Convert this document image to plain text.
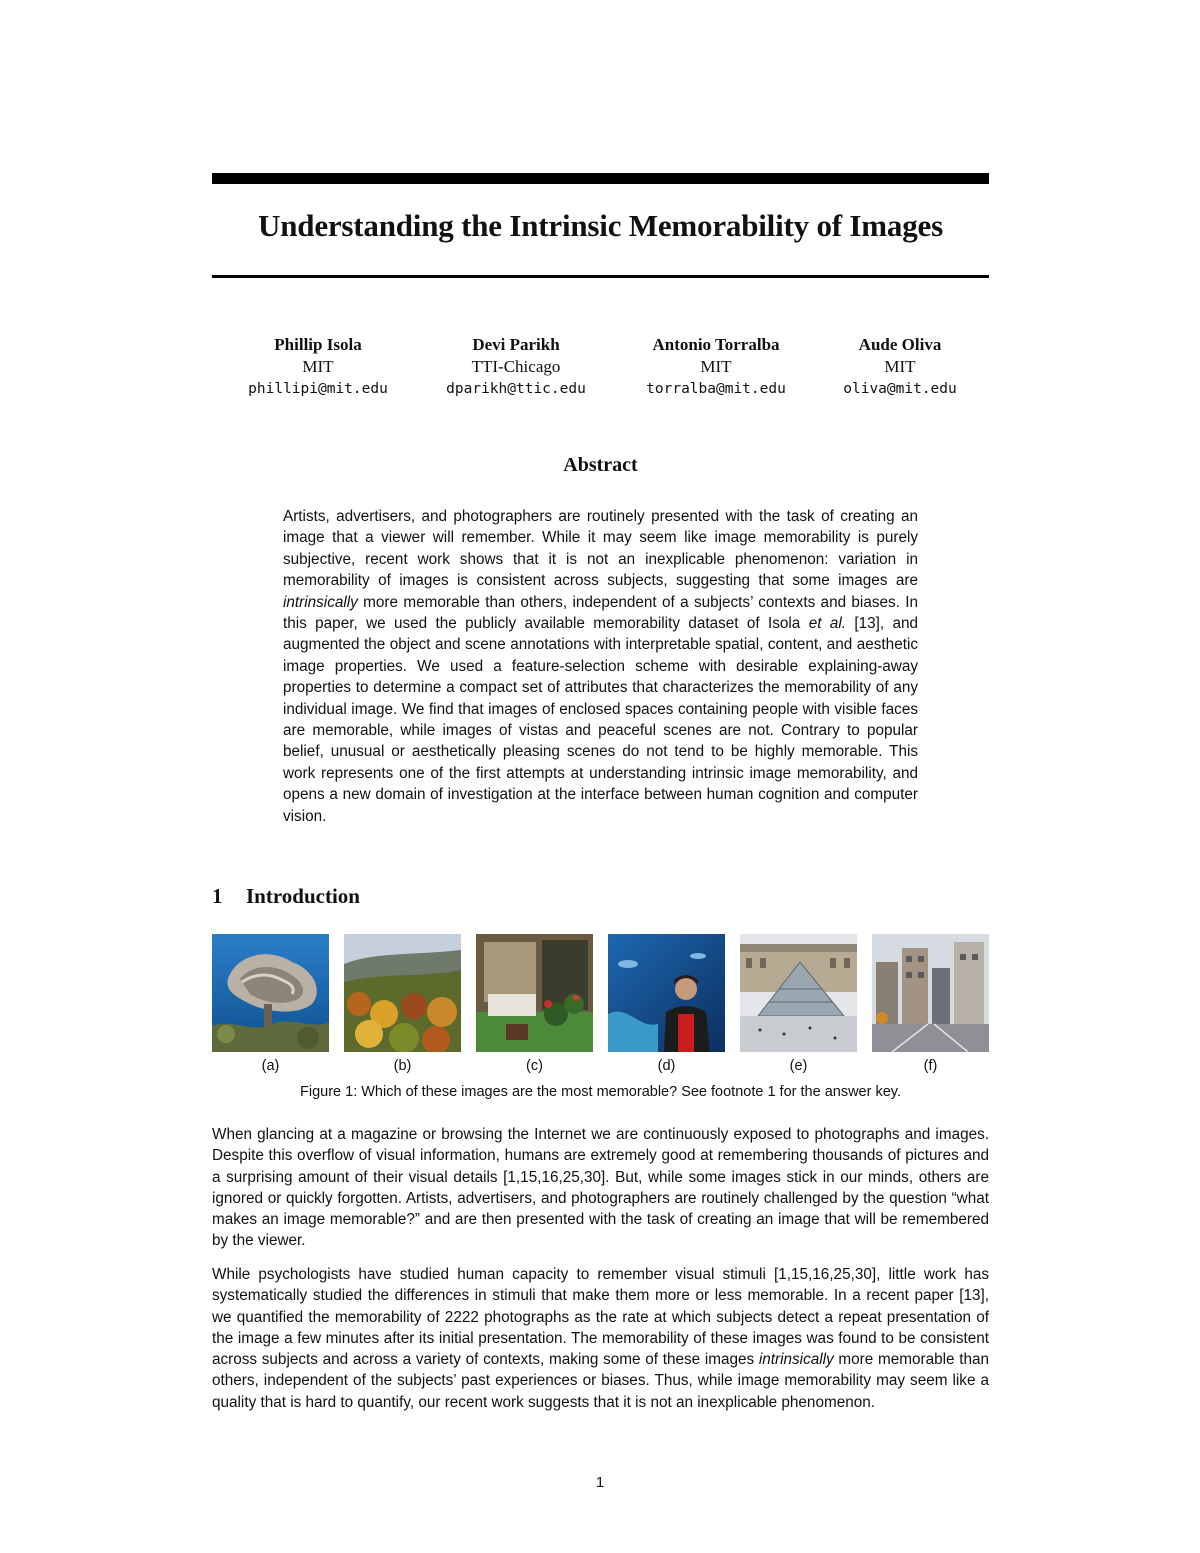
Understanding the Intrinsic Memorability of Images
Phillip Isola
MIT
phillipi@mit.edu
Devi Parikh
TTI-Chicago
dparikh@ttic.edu
Antonio Torralba
MIT
torralba@mit.edu
Aude Oliva
MIT
oliva@mit.edu
Abstract

Artists, advertisers, and photographers are routinely presented with the task of creating an image that a viewer will remember. While it may seem like image memorability is purely subjective, recent work shows that it is not an inexplicable phenomenon: variation in memorability of images is consistent across subjects, suggesting that some images are intrinsically more memorable than others, independent of a subjects’ contexts and biases. In this paper, we used the publicly available memorability dataset of Isola et al. [13], and augmented the object and scene annotations with interpretable spatial, content, and aesthetic image properties. We used a feature-selection scheme with desirable explaining-away properties to determine a compact set of attributes that characterizes the memorability of any individual image. We find that images of enclosed spaces containing people with visible faces are memorable, while images of vistas and peaceful scenes are not. Contrary to popular belief, unusual or aesthetically pleasing scenes do not tend to be highly memorable. This work represents one of the first attempts at understanding intrinsic image memorability, and opens a new domain of investigation at the interface between human cognition and computer vision.

1 Introduction
(a)	(b)	(c)	(d)	(e)	(f)
Figure 1: Which of these images are the most memorable? See footnote 1 for the answer key.

When glancing at a magazine or browsing the Internet we are continuously exposed to photographs and images. Despite this overflow of visual information, humans are extremely good at remembering thousands of pictures and a surprising amount of their visual details [1,15,16,25,30]. But, while some images stick in our minds, others are ignored or quickly forgotten. Artists, advertisers, and photographers are routinely challenged by the question “what makes an image memorable?” and are then presented with the task of creating an image that will be remembered by the viewer.

While psychologists have studied human capacity to remember visual stimuli [1,15,16,25,30], little work has systematically studied the differences in stimuli that make them more or less memorable. In a recent paper [13], we quantified the memorability of 2222 photographs as the rate at which subjects detect a repeat presentation of the image a few minutes after its initial presentation. The memorability of these images was found to be consistent across subjects and across a variety of contexts, making some of these images intrinsically more memorable than others, independent of the subjects’ past experiences or biases. Thus, while image memorability may seem like a quality that is hard to quantify, our recent work suggests that it is not an inexplicable phenomenon.

1
